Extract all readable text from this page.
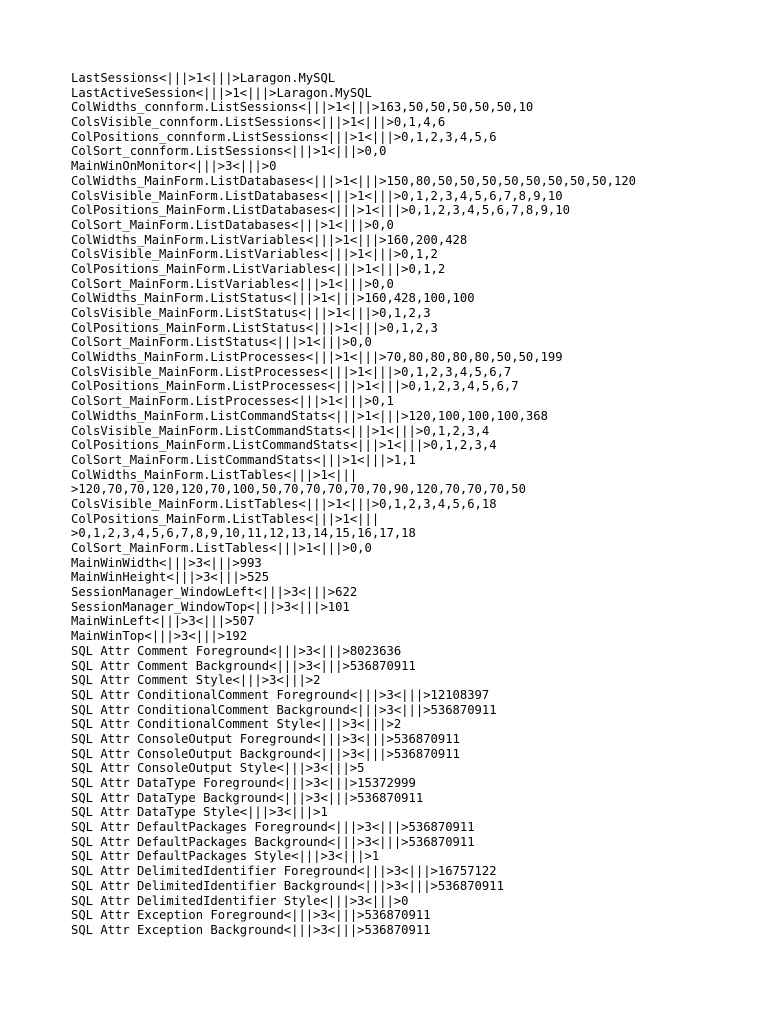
LastSessions<|||>1<|||>Laragon.MySQL
LastActiveSession<|||>1<|||>Laragon.MySQL
ColWidths_connform.ListSessions<|||>1<|||>163,50,50,50,50,50,10
ColsVisible_connform.ListSessions<|||>1<|||>0,1,4,6
ColPositions_connform.ListSessions<|||>1<|||>0,1,2,3,4,5,6
ColSort_connform.ListSessions<|||>1<|||>0,0
MainWinOnMonitor<|||>3<|||>0
ColWidths_MainForm.ListDatabases<|||>1<|||>150,80,50,50,50,50,50,50,50,50,120
ColsVisible_MainForm.ListDatabases<|||>1<|||>0,1,2,3,4,5,6,7,8,9,10
ColPositions_MainForm.ListDatabases<|||>1<|||>0,1,2,3,4,5,6,7,8,9,10
ColSort_MainForm.ListDatabases<|||>1<|||>0,0
ColWidths_MainForm.ListVariables<|||>1<|||>160,200,428
ColsVisible_MainForm.ListVariables<|||>1<|||>0,1,2
ColPositions_MainForm.ListVariables<|||>1<|||>0,1,2
ColSort_MainForm.ListVariables<|||>1<|||>0,0
ColWidths_MainForm.ListStatus<|||>1<|||>160,428,100,100
ColsVisible_MainForm.ListStatus<|||>1<|||>0,1,2,3
ColPositions_MainForm.ListStatus<|||>1<|||>0,1,2,3
ColSort_MainForm.ListStatus<|||>1<|||>0,0
ColWidths_MainForm.ListProcesses<|||>1<|||>70,80,80,80,80,50,50,199
ColsVisible_MainForm.ListProcesses<|||>1<|||>0,1,2,3,4,5,6,7
ColPositions_MainForm.ListProcesses<|||>1<|||>0,1,2,3,4,5,6,7
ColSort_MainForm.ListProcesses<|||>1<|||>0,1
ColWidths_MainForm.ListCommandStats<|||>1<|||>120,100,100,100,368
ColsVisible_MainForm.ListCommandStats<|||>1<|||>0,1,2,3,4
ColPositions_MainForm.ListCommandStats<|||>1<|||>0,1,2,3,4
ColSort_MainForm.ListCommandStats<|||>1<|||>1,1
ColWidths_MainForm.ListTables<|||>1<|||
>120,70,70,120,120,70,100,50,70,70,70,70,70,90,120,70,70,70,50
ColsVisible_MainForm.ListTables<|||>1<|||>0,1,2,3,4,5,6,18
ColPositions_MainForm.ListTables<|||>1<|||
>0,1,2,3,4,5,6,7,8,9,10,11,12,13,14,15,16,17,18
ColSort_MainForm.ListTables<|||>1<|||>0,0
MainWinWidth<|||>3<|||>993
MainWinHeight<|||>3<|||>525
SessionManager_WindowLeft<|||>3<|||>622
SessionManager_WindowTop<|||>3<|||>101
MainWinLeft<|||>3<|||>507
MainWinTop<|||>3<|||>192
SQL Attr Comment Foreground<|||>3<|||>8023636
SQL Attr Comment Background<|||>3<|||>536870911
SQL Attr Comment Style<|||>3<|||>2
SQL Attr ConditionalComment Foreground<|||>3<|||>12108397
SQL Attr ConditionalComment Background<|||>3<|||>536870911
SQL Attr ConditionalComment Style<|||>3<|||>2
SQL Attr ConsoleOutput Foreground<|||>3<|||>536870911
SQL Attr ConsoleOutput Background<|||>3<|||>536870911
SQL Attr ConsoleOutput Style<|||>3<|||>5
SQL Attr DataType Foreground<|||>3<|||>15372999
SQL Attr DataType Background<|||>3<|||>536870911
SQL Attr DataType Style<|||>3<|||>1
SQL Attr DefaultPackages Foreground<|||>3<|||>536870911
SQL Attr DefaultPackages Background<|||>3<|||>536870911
SQL Attr DefaultPackages Style<|||>3<|||>1
SQL Attr DelimitedIdentifier Foreground<|||>3<|||>16757122
SQL Attr DelimitedIdentifier Background<|||>3<|||>536870911
SQL Attr DelimitedIdentifier Style<|||>3<|||>0
SQL Attr Exception Foreground<|||>3<|||>536870911
SQL Attr Exception Background<|||>3<|||>536870911
